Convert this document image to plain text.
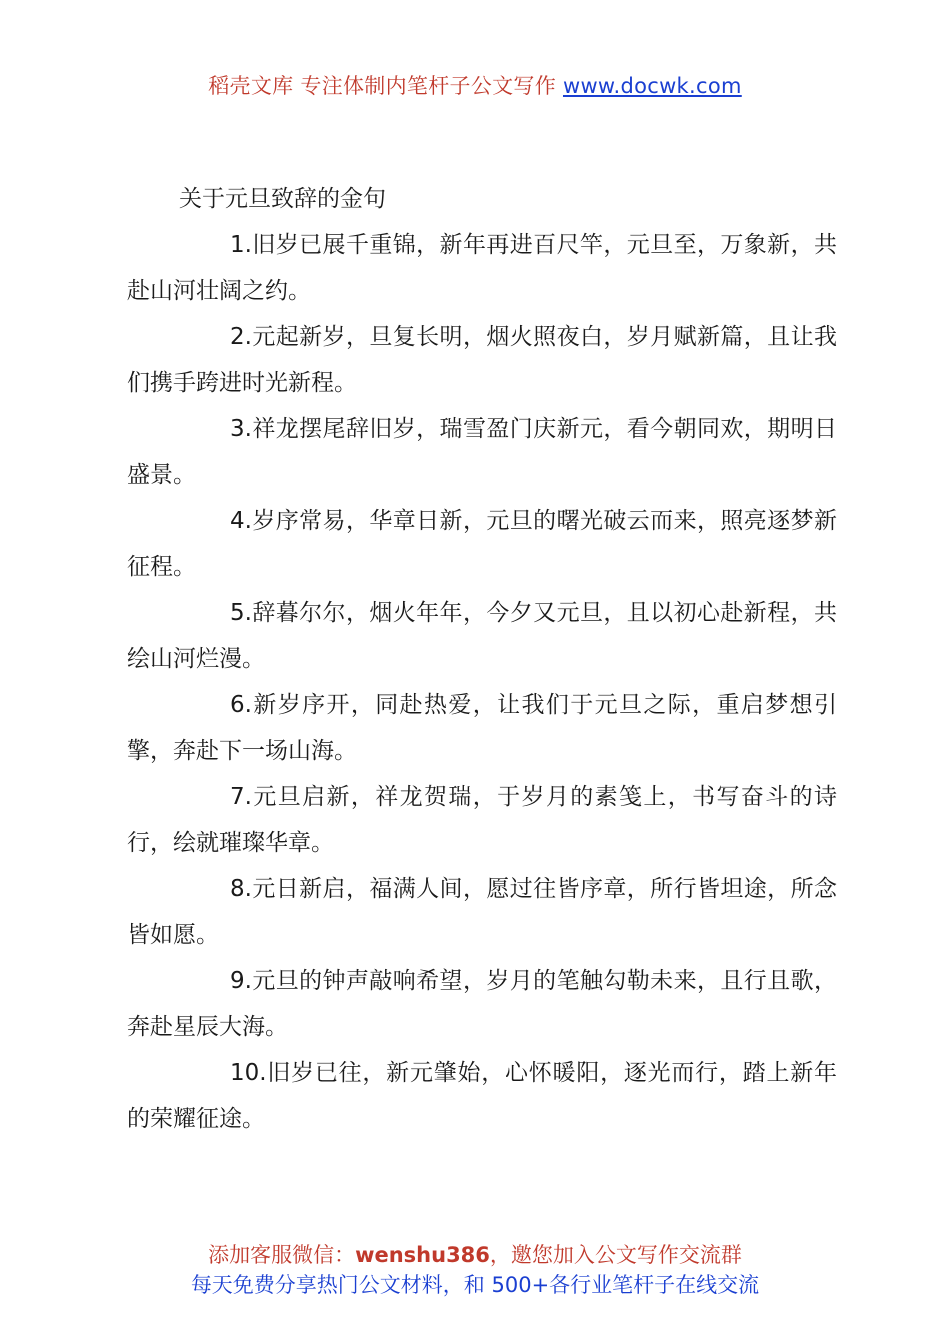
稻壳文库 专注体制内笔杆子公文写作 www.docwk.com
关于元旦致辞的金句

1.旧岁已展千重锦，新年再进百尺竿，元旦至，万象新，共赴山河壮阔之约。

2.元起新岁，旦复长明，烟火照夜白，岁月赋新篇，且让我们携手跨进时光新程。

3.祥龙摆尾辞旧岁，瑞雪盈门庆新元，看今朝同欢，期明日盛景。

4.岁序常易，华章日新，元旦的曙光破云而来，照亮逐梦新征程。

5.辞暮尔尔，烟火年年，今夕又元旦，且以初心赴新程，共绘山河烂漫。

6.新岁序开，同赴热爱，让我们于元旦之际，重启梦想引擎，奔赴下一场山海。

7.元旦启新，祥龙贺瑞，于岁月的素笺上，书写奋斗的诗行，绘就璀璨华章。

8.元日新启，福满人间，愿过往皆序章，所行皆坦途，所念皆如愿。

9.元旦的钟声敲响希望，岁月的笔触勾勒未来，且行且歌，奔赴星辰大海。

10.旧岁已往，新元肇始，心怀暖阳，逐光而行，踏上新年的荣耀征途。

添加客服微信：wenshu386，邀您加入公文写作交流群
每天免费分享热门公文材料，和 500+各行业笔杆子在线交流
